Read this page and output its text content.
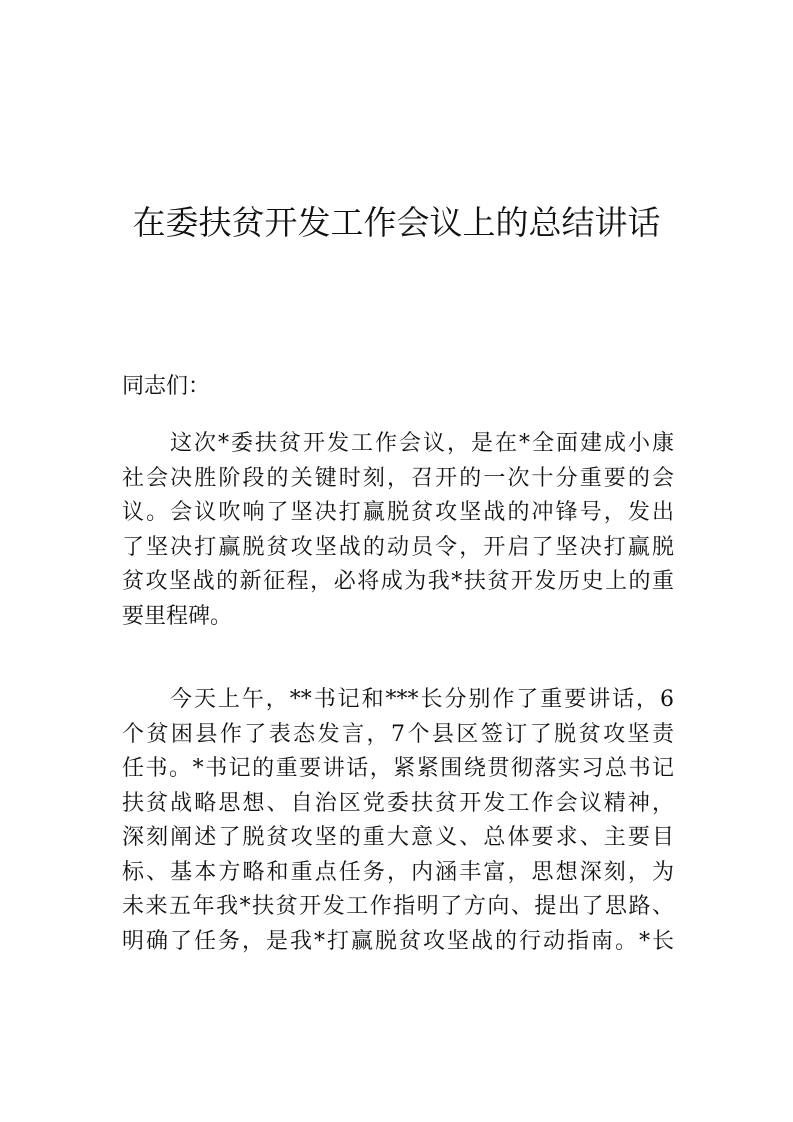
在委扶贫开发工作会议上的总结讲话

同志们：

这次*委扶贫开发工作会议，是在*全面建成小康
社会决胜阶段的关键时刻，召开的一次十分重要的会
议。会议吹响了坚决打赢脱贫攻坚战的冲锋号，发出
了坚决打赢脱贫攻坚战的动员令，开启了坚决打赢脱
贫攻坚战的新征程，必将成为我*扶贫开发历史上的重
要里程碑。
今天上午，**书记和***长分别作了重要讲话，6
个贫困县作了表态发言，7个县区签订了脱贫攻坚责
任书。*书记的重要讲话，紧紧围绕贯彻落实习总书记
扶贫战略思想、自治区党委扶贫开发工作会议精神，
深刻阐述了脱贫攻坚的重大意义、总体要求、主要目
标、基本方略和重点任务，内涵丰富，思想深刻，为
未来五年我*扶贫开发工作指明了方向、提出了思路、
明确了任务，是我*打赢脱贫攻坚战的行动指南。*长
